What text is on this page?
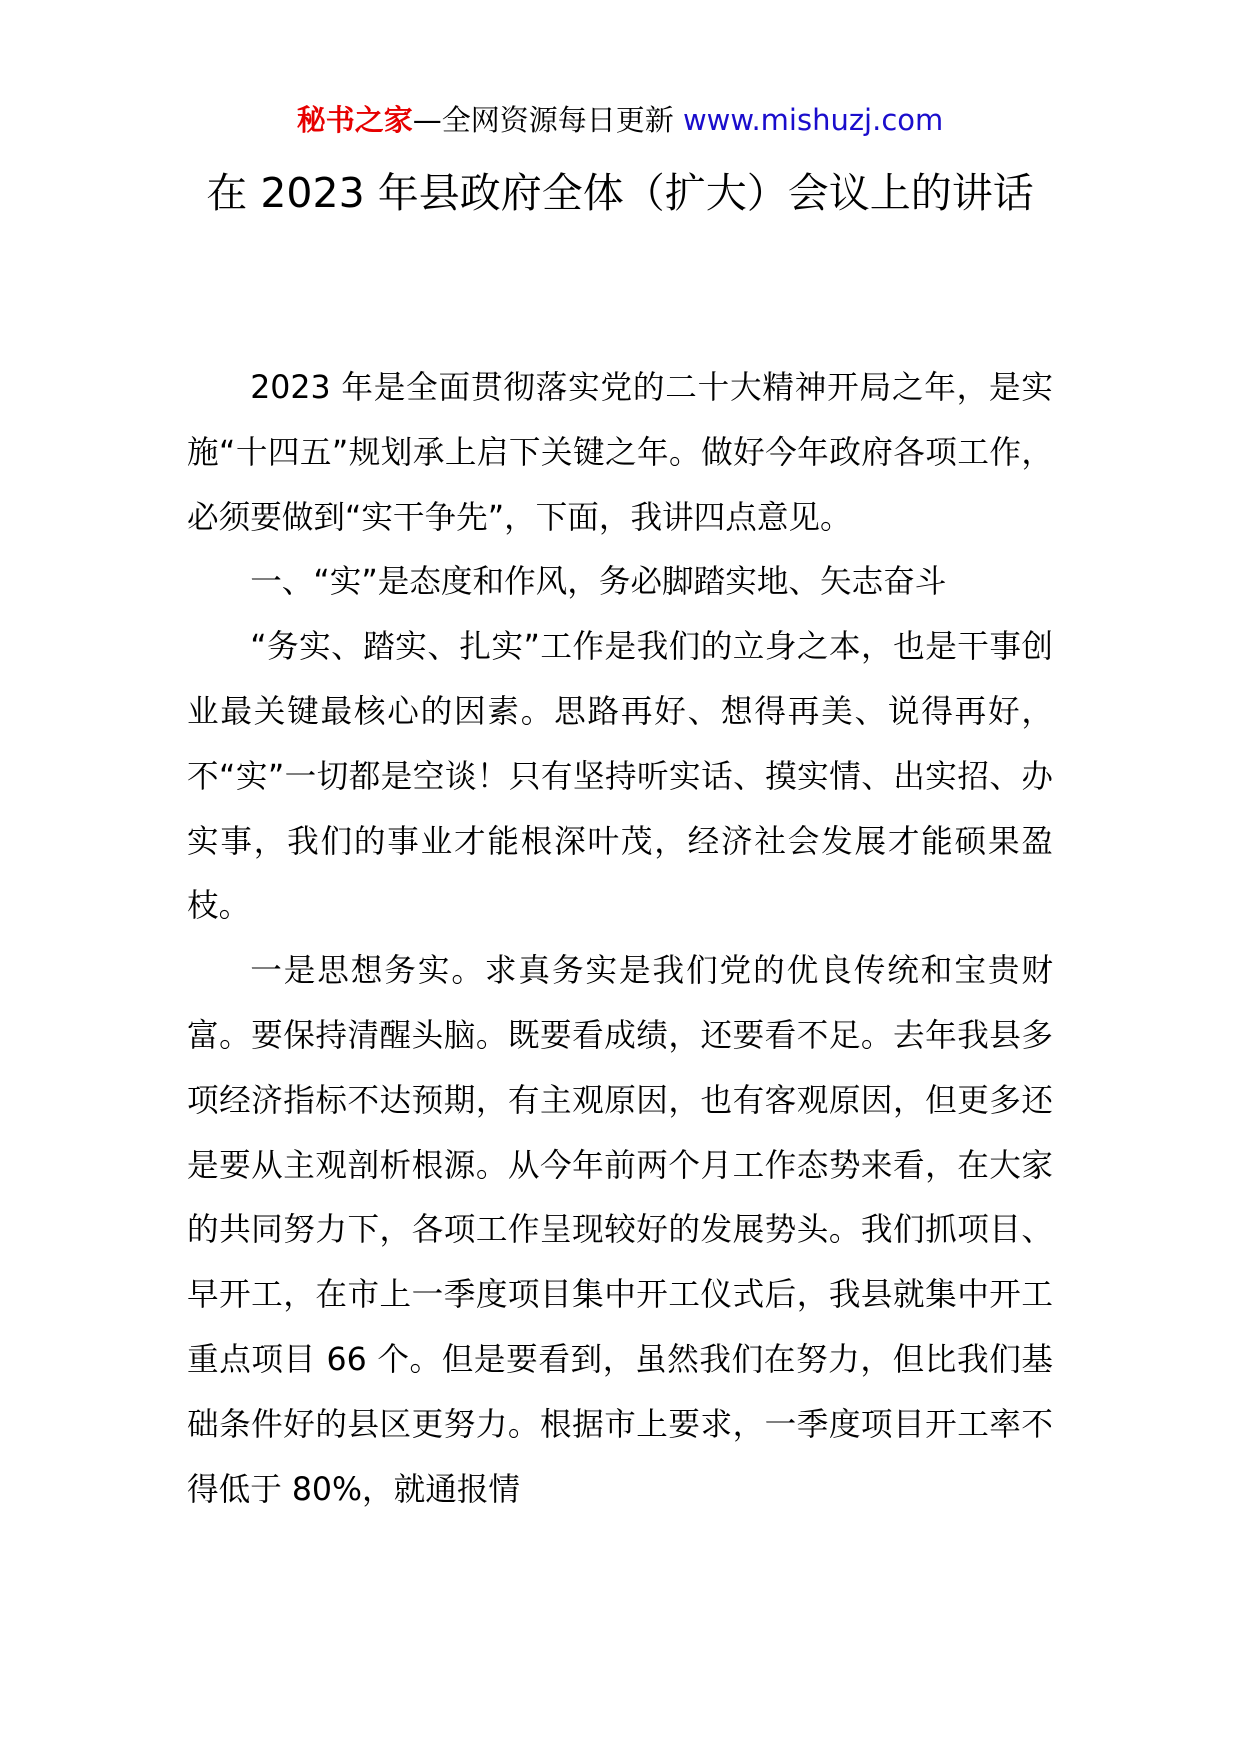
秘书之家—全网资源每日更新 www.mishuzj.com
在 2023 年县政府全体（扩大）会议上的讲话

2023 年是全面贯彻落实党的二十大精神开局之年，是实施“十四五”规划承上启下关键之年。做好今年政府各项工作，必须要做到“实干争先”，下面，我讲四点意见。

一、“实”是态度和作风，务必脚踏实地、矢志奋斗

“务实、踏实、扎实”工作是我们的立身之本，也是干事创业最关键最核心的因素。思路再好、想得再美、说得再好，不“实”一切都是空谈！只有坚持听实话、摸实情、出实招、办实事，我们的事业才能根深叶茂，经济社会发展才能硕果盈枝。

一是思想务实。求真务实是我们党的优良传统和宝贵财富。要保持清醒头脑。既要看成绩，还要看不足。去年我县多项经济指标不达预期，有主观原因，也有客观原因，但更多还是要从主观剖析根源。从今年前两个月工作态势来看，在大家的共同努力下，各项工作呈现较好的发展势头。我们抓项目、早开工，在市上一季度项目集中开工仪式后，我县就集中开工重点项目 66 个。但是要看到，虽然我们在努力，但比我们基础条件好的县区更努力。根据市上要求，一季度项目开工率不得低于 80%，就通报情
